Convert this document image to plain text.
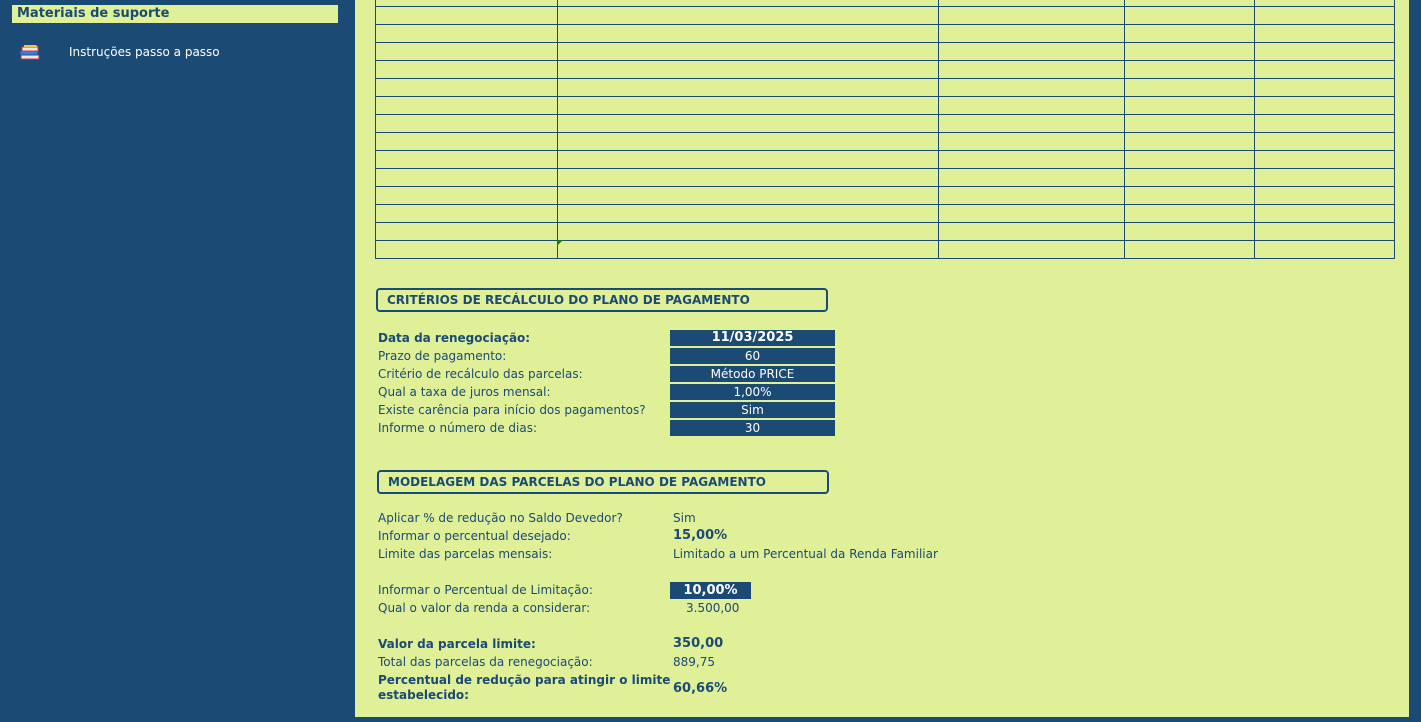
Materiais de suporte
Instruções passo a passo

CRITÉRIOS DE RECÁLCULO DO PLANO DE PAGAMENTO
Data da renegociação:	11/03/2025
Prazo de pagamento:	60
Critério de recálculo das parcelas:	Método PRICE
Qual a taxa de juros mensal:	1,00%
Existe carência para início dos pagamentos?	Sim
Informe o número de dias:	30
MODELAGEM DAS PARCELAS DO PLANO DE PAGAMENTO
Aplicar % de redução no Saldo Devedor?	Sim
Informar o percentual desejado:	15,00%
Limite das parcelas mensais:	Limitado a um Percentual da Renda Familiar
Informar o Percentual de Limitação:	10,00%
Qual o valor da renda a considerar:	3.500,00
Valor da parcela limite:	350,00
Total das parcelas da renegociação:	889,75
Percentual de redução para atingir o limite
estabelecido:	60,66%
